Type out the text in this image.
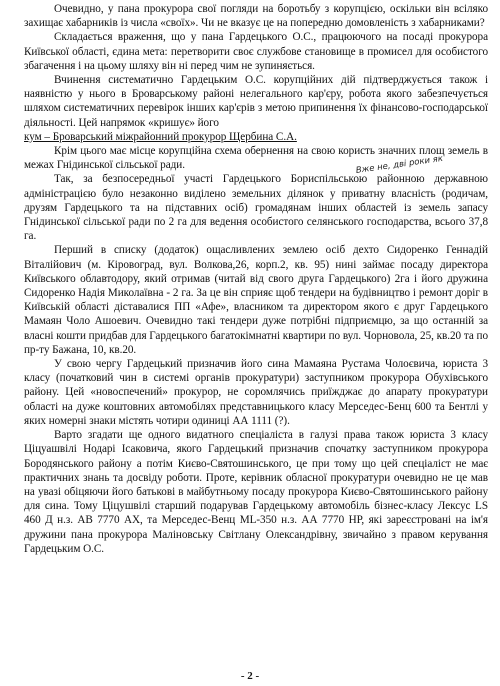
Очевидно, у пана прокурора свої погляди на боротьбу з корупцією, оскільки він всіляко захищає хабарників із числа «своїх». Чи не вказує це на попередню домовленість з хабарниками?

Складається враження, що у пана Гардецького О.С., працюючого на посаді прокурора Київської області, єдина мета: перетворити своє службове становище в промисел для особистого збагачення і на цьому шляху він ні перед чим не зупиняється.

Вчинення систематично Гардецьким О.С. корупційних дій підтверджується також і наявністю у нього в Броварському районі нелегального кар'єру, робота якого забезпечується шляхом систематичних перевірок інших кар'єрів з метою припинення їх фінансово-господарської діяльності. Цей напрямок «кришує» його

кум – Броварський міжрайонний прокурор Щербина С.А.

Крім цього має місце корупційна схема обернення на свою користь значних площ земель в межах Гнідинської сільської ради.

Так, за безпосередньої участі Гардецького Бориспільською районною державною адміністрацією було незаконно виділено земельних ділянок у приватну власність (родичам, друзям Гардецького та на підставних осіб) громадянам інших областей із земель запасу Гнідинської сільської ради по 2 га для ведення особистого селянського господарства, всього 37,8 га.

Перший в списку (додаток) ощасливлених землею осіб дехто Сидоренко Геннадій Віталійович (м. Кіровоград, вул. Волкова,26, корп.2, кв. 95) нині займає посаду директора Київського облавтодору, який отримав (читай від свого друга Гардецького) 2га і його дружина Сидоренко Надія Миколаївна - 2 га. За це він сприяє щоб тендери на будівництво і ремонт доріг в Київській області діставалися ПП «Афе», власником та директором якого є друг Гардецького Мамаян Чоло Ашоевич. Очевидно такі тендери дуже потрібні підприємцю, за що останній за власні кошти придбав для Гардецького багатокімнатні квартири по вул. Чорновола, 25, кв.20 та по пр-ту Бажана, 10, кв.20.

У свою чергу Гардецький призначив його сина Мамаяна Рустама Чолоєвича, юриста 3 класу (початковий чин в системі органів прокуратури) заступником прокурора Обухівського району. Цей «новоспечений» прокурор, не соромлячись приїжджає до апарату прокуратури області на дуже коштовних автомобілях представницького класу Мерседес-Бенц 600 та Бентлі у яких номерні знаки містять чотири одиниці АА 1111 (?).

Варто згадати ще одного видатного спеціаліста в галузі права також юриста 3 класу Ціцуашвілі Нодарі Ісаковича, якого Гардецький призначив спочатку заступником прокурора Бородянського району а потім Києво-Святошинського, це при тому що цей спеціаліст не має практичних знань та досвіду роботи. Проте, керівник обласної прокуратури очевидно не це мав на увазі обіцяючи його батькові в майбутньому посаду прокурора Києво-Святошинського району для сина. Тому Ціцушвілі старший подарував Гардецькому автомобіль бізнес-класу Лексус LS 460 Д н.з. АВ 7770 АХ, та Мерседес-Венц ML-350 н.з. АА 7770 НР, які зареєстровані на ім'я дружини пана прокурора Маліновську Світлану Олександрівну, звичайно з правом керування Гардецьким О.С.

Вже не, дві роки як
- 2 -
